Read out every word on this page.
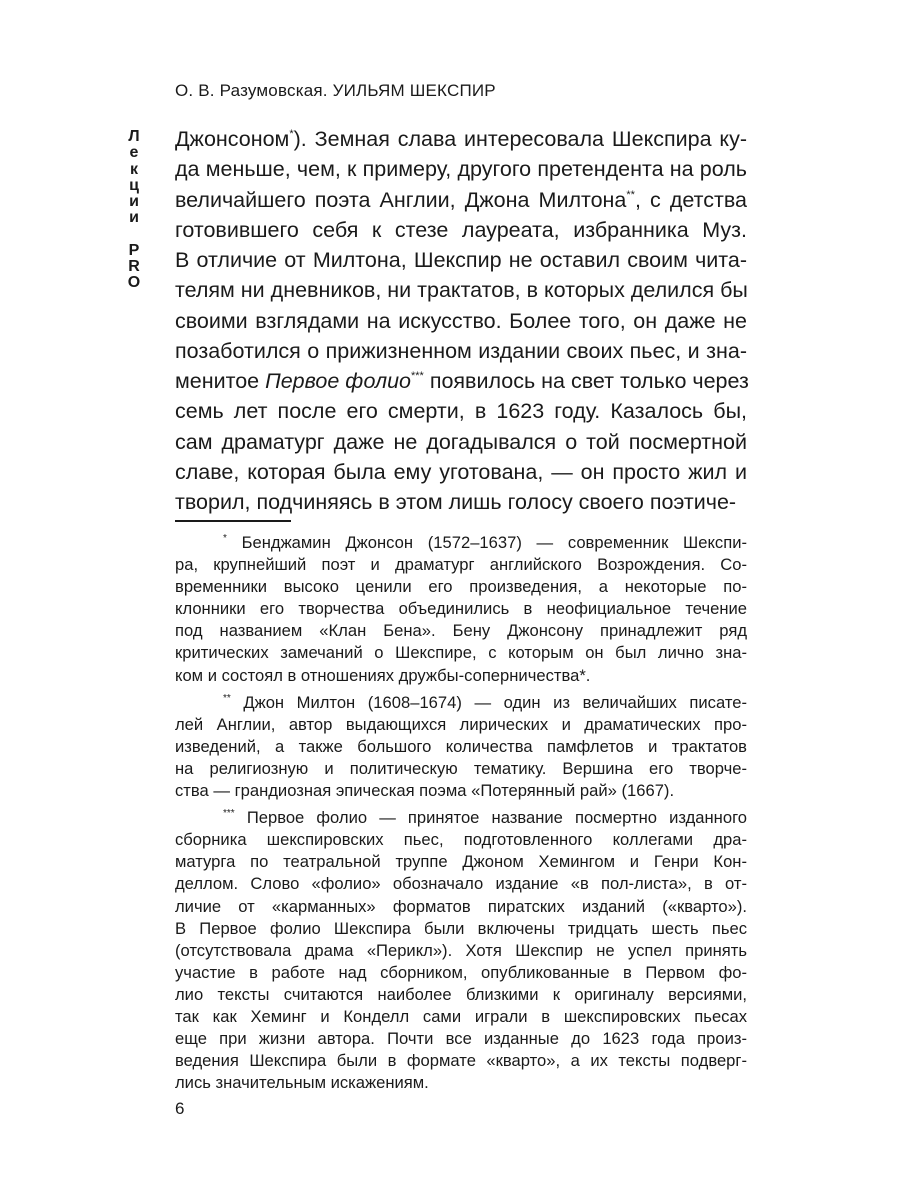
О. В. Разумовская. УИЛЬЯМ ШЕКСПИР
Л
е
к
ц
и
и
P
R
O
Джонсоном*). Земная слава интересовала Шекспира ку-
да меньше, чем, к примеру, другого претендента на роль
величайшего поэта Англии, Джона Милтона**, с детства
готовившего себя к стезе лауреата, избранника Муз.
В отличие от Милтона, Шекспир не оставил своим чита-
телям ни дневников, ни трактатов, в которых делился бы
своими взглядами на искусство. Более того, он даже не
позаботился о прижизненном издании своих пьес, и зна-
менитое Первое фолио*** появилось на свет только через
семь лет после его смерти, в 1623 году. Казалось бы,
сам драматург даже не догадывался о той посмертной
славе, которая была ему уготована, — он просто жил и
творил, подчиняясь в этом лишь голосу своего поэтиче-
* Бенджамин Джонсон (1572–1637) — современник Шекспи-
ра, крупнейший поэт и драматург английского Возрождения. Со-
временники высоко ценили его произведения, а некоторые по-
клонники его творчества объединились в неофициальное течение
под названием «Клан Бена». Бену Джонсону принадлежит ряд
критических замечаний о Шекспире, с которым он был лично зна-
ком и состоял в отношениях дружбы-соперничества*.
** Джон Милтон (1608–1674) — один из величайших писате-
лей Англии, автор выдающихся лирических и драматических про-
изведений, а также большого количества памфлетов и трактатов
на религиозную и политическую тематику. Вершина его творче-
ства — грандиозная эпическая поэма «Потерянный рай» (1667).
*** Первое фолио — принятое название посмертно изданного
сборника шекспировских пьес, подготовленного коллегами дра-
матурга по театральной труппе Джоном Хемингом и Генри Кон-
деллом. Слово «фолио» обозначало издание «в пол-листа», в от-
личие от «карманных» форматов пиратских изданий («кварто»).
В Первое фолио Шекспира были включены тридцать шесть пьес
(отсутствовала драма «Перикл»). Хотя Шекспир не успел принять
участие в работе над сборником, опубликованные в Первом фо-
лио тексты считаются наиболее близкими к оригиналу версиями,
так как Хеминг и Конделл сами играли в шекспировских пьесах
еще при жизни автора. Почти все изданные до 1623 года произ-
ведения Шекспира были в формате «кварто», а их тексты подверг-
лись значительным искажениям.
6
